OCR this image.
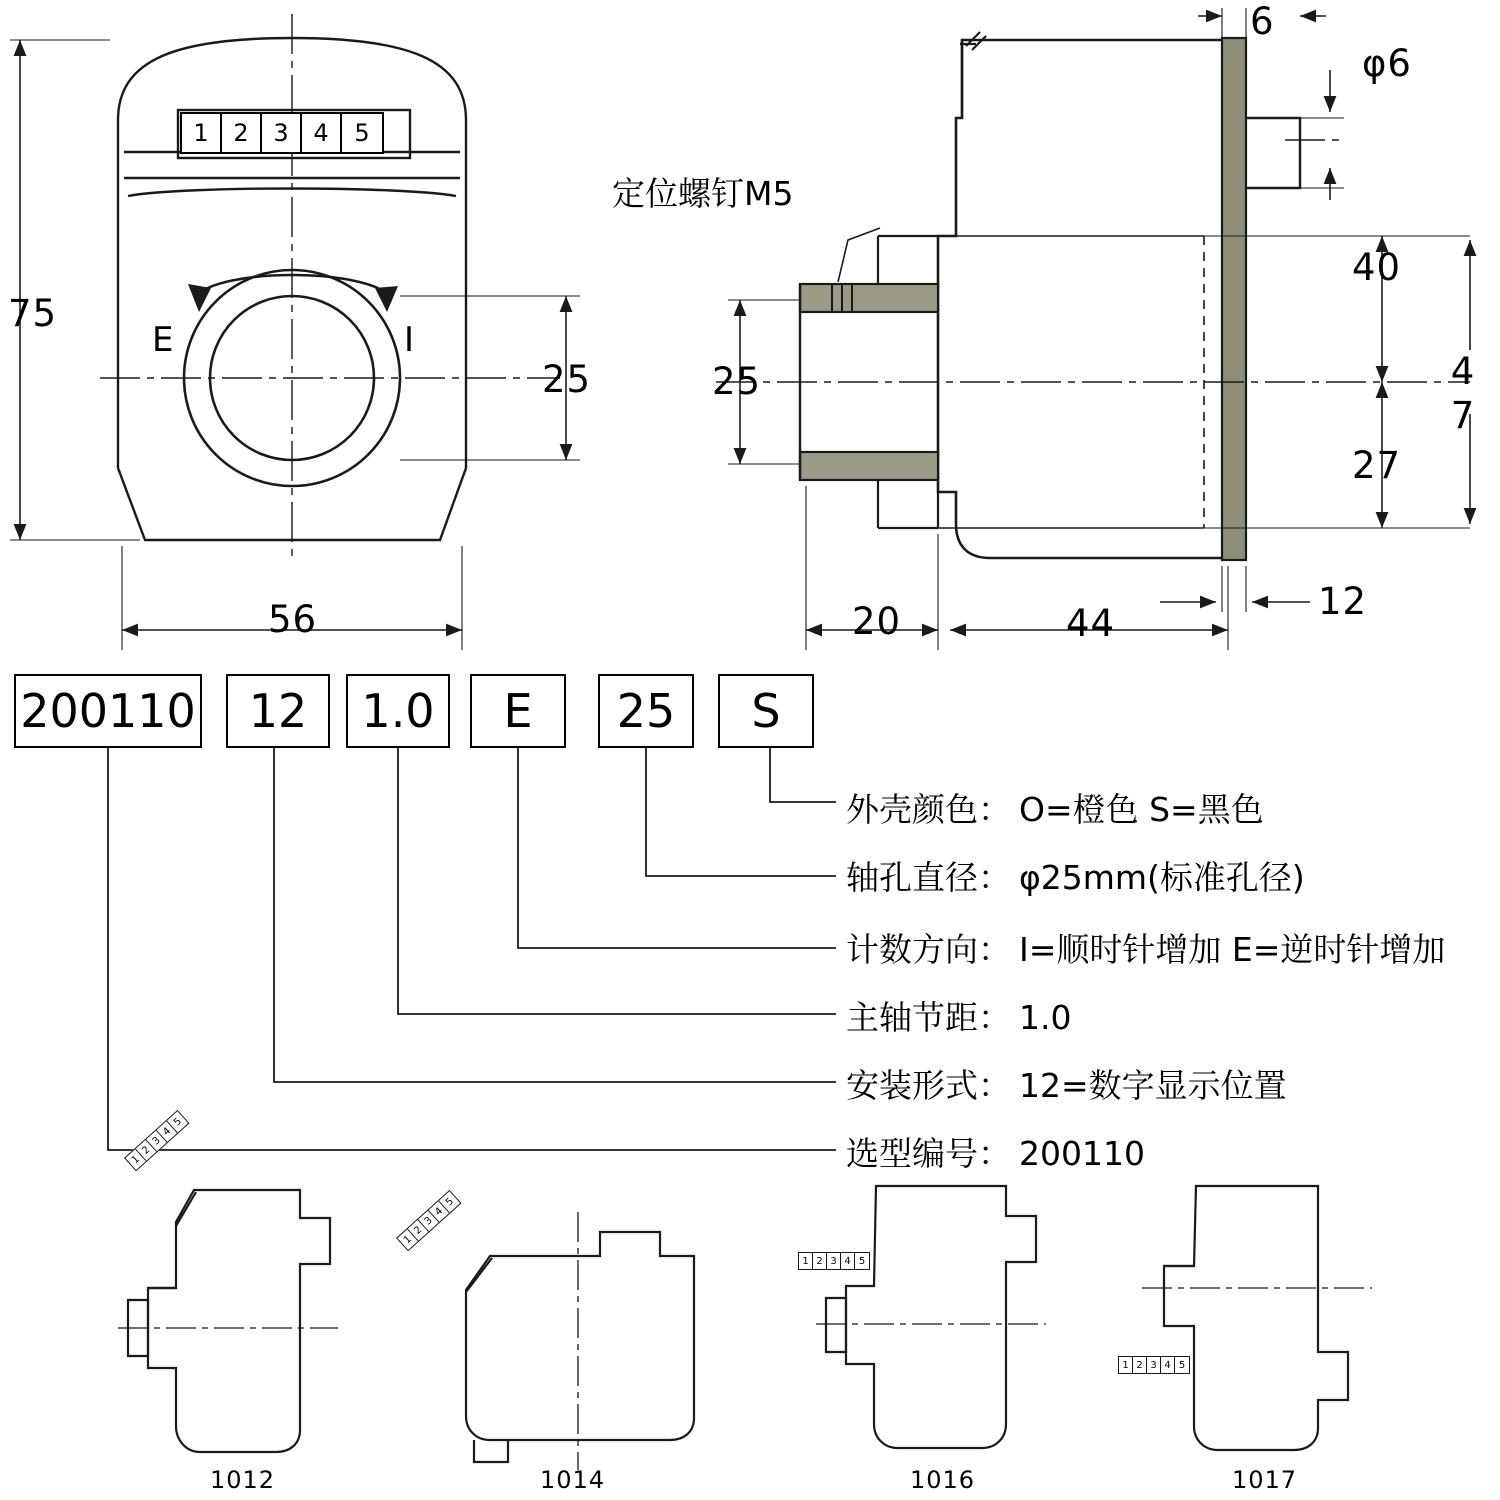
75
56
25
E	I
1	2	3	4	5
定位螺钉M5
25
20	44
12
6
φ6
40
27
47
200110 12 1.0 E 25 S
外壳颜色： O=橙色 S=黑色
轴孔直径： φ25mm(标准孔径)
计数方向： I=顺时针增加 E=逆时针增加
主轴节距： 1.0
安装形式： 12=数字显示位置
选型编号： 200110
1012
1
2
3
4
5
1014
1
2
3
4
5
1016
1 2 3 4 5
1017
1 2 3 4 5
